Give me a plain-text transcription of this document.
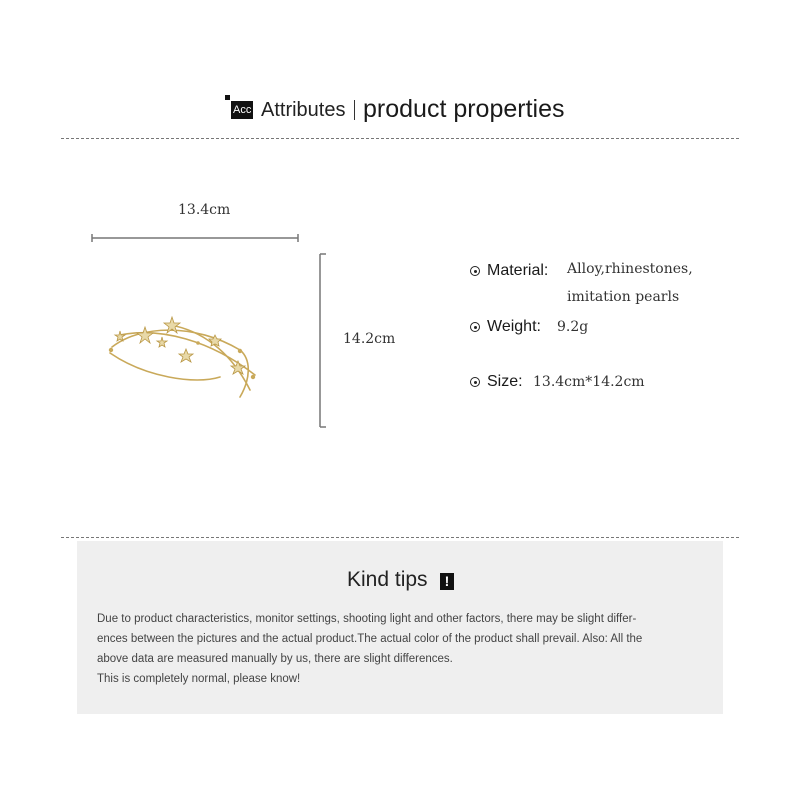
Acc Attributes product properties
13.4cm
14.2cm
Material: Alloy,rhinestones,
imitation pearls
Weight: 9.2g
Size: 13.4cm*14.2cm
Kind tips	!
Due to product characteristics, monitor settings, shooting light and other factors, there may be slight differ-
ences between the pictures and the actual product.The actual color of the product shall prevail. Also: All the
above data are measured manually by us, there are slight differences.
This is completely normal, please know!
